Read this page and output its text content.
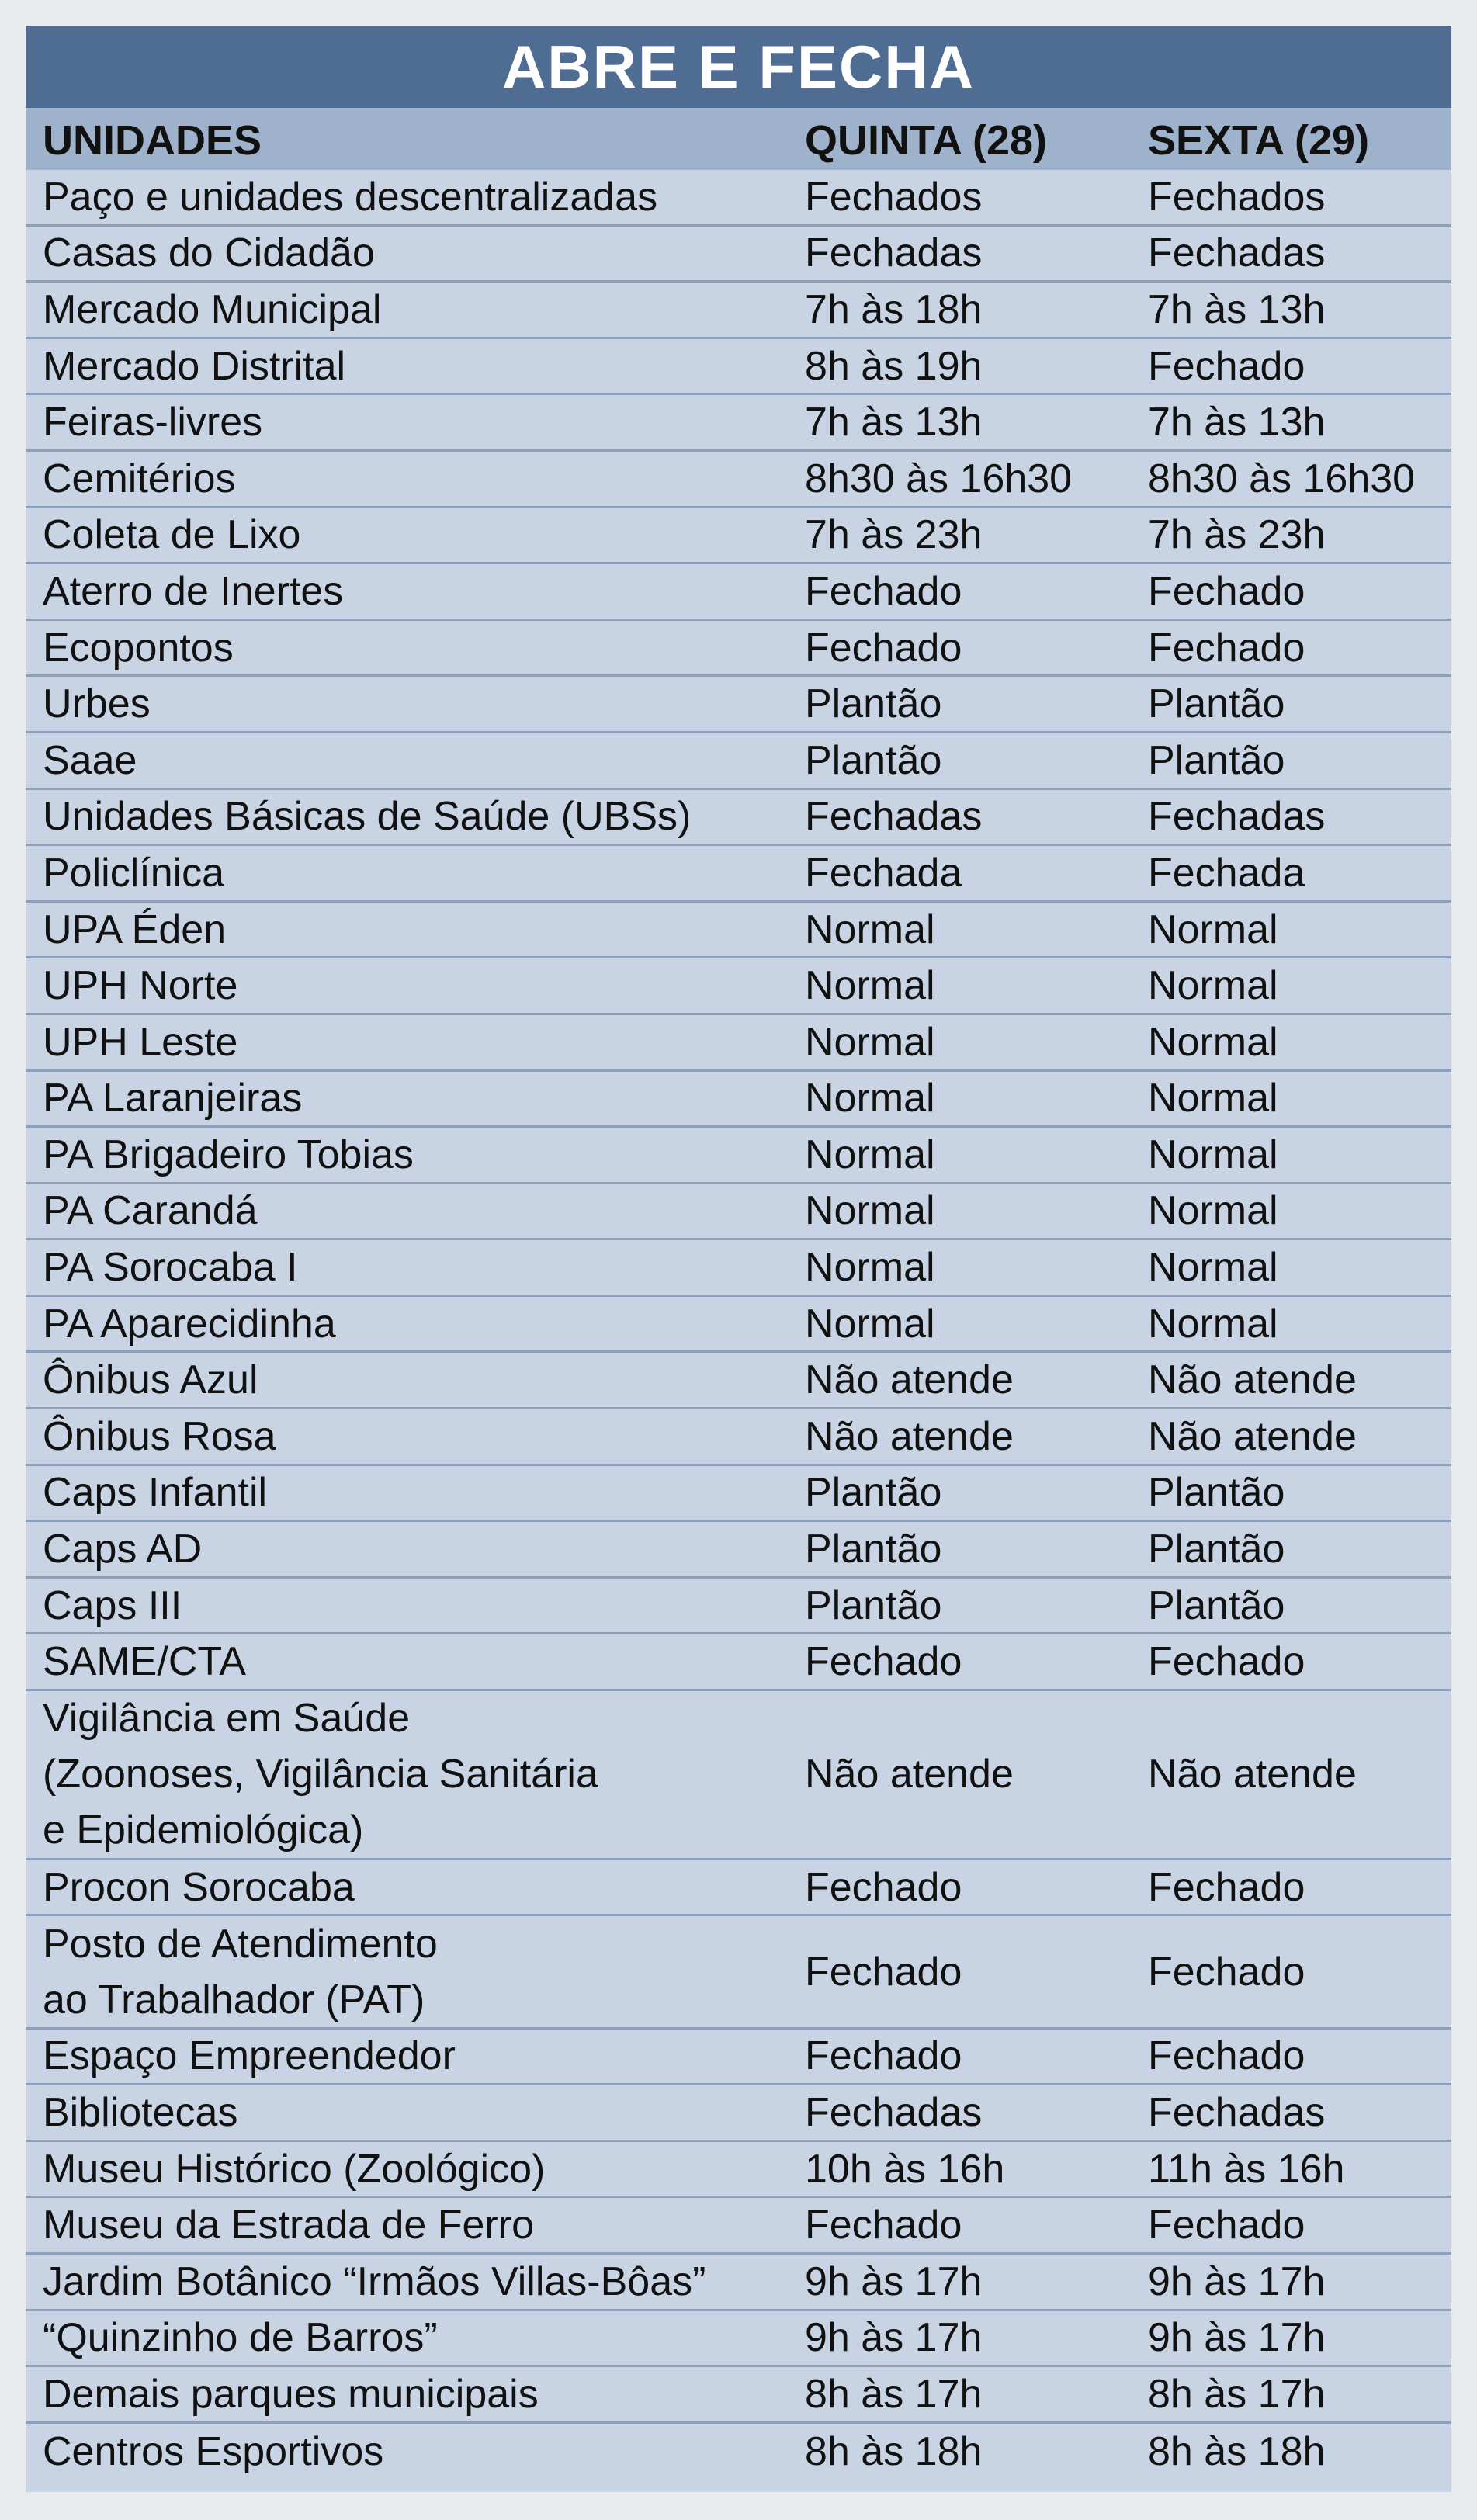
ABRE E FECHA
UNIDADES	QUINTA (28) SEXTA (29)
Paço e unidades descentralizadas	Fechados	Fechados
Casas do Cidadão	Fechadas	Fechadas
Mercado Municipal	7h às 18h	7h às 13h
Mercado Distrital	8h às 19h	Fechado
Feiras-livres	7h às 13h	7h às 13h
Cemitérios	8h30 às 16h30	8h30 às 16h30
Coleta de Lixo	7h às 23h	7h às 23h
Aterro de Inertes	Fechado	Fechado
Ecopontos	Fechado	Fechado
Urbes	Plantão	Plantão
Saae	Plantão	Plantão
Unidades Básicas de Saúde (UBSs)	Fechadas	Fechadas
Policlínica	Fechada	Fechada
UPA Éden	Normal	Normal
UPH Norte	Normal	Normal
UPH Leste	Normal	Normal
PA Laranjeiras	Normal	Normal
PA Brigadeiro Tobias	Normal	Normal
PA Carandá	Normal	Normal
PA Sorocaba I	Normal	Normal
PA Aparecidinha	Normal	Normal
Ônibus Azul	Não atende	Não atende
Ônibus Rosa	Não atende	Não atende
Caps Infantil	Plantão	Plantão
Caps AD	Plantão	Plantão
Caps III	Plantão	Plantão
SAME/CTA	Fechado	Fechado
Vigilância em Saúde
(Zoonoses, Vigilância Sanitária
e Epidemiológica)
Não atende	Não atende
Procon Sorocaba	Fechado	Fechado
Posto de Atendimento
ao Trabalhador (PAT)
Fechado	Fechado
Espaço Empreendedor	Fechado	Fechado
Bibliotecas	Fechadas	Fechadas
Museu Histórico (Zoológico)	10h às 16h	11h às 16h
Museu da Estrada de Ferro	Fechado	Fechado
Jardim Botânico “Irmãos Villas-Bôas”	9h às 17h	9h às 17h
“Quinzinho de Barros”	9h às 17h	9h às 17h
Demais parques municipais	8h às 17h	8h às 17h
Centros Esportivos	8h às 18h	8h às 18h
